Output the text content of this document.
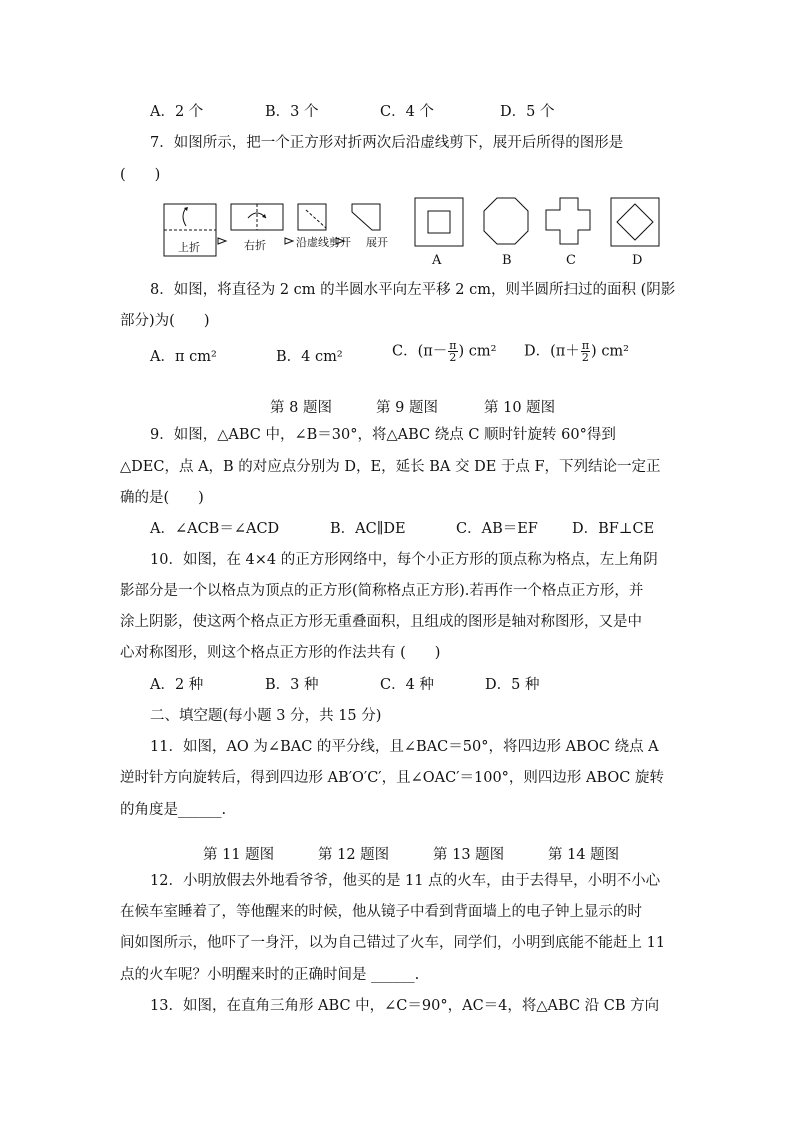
A．2 个	B．3 个	C．4 个	D．5 个
7．如图所示，把一个正方形对折两次后沿虚线剪下，展开后所得的图形是
(　　)
上折	右折	沿虚线剪开 展开
A	B	C	D
8．如图，将直径为 2 cm 的半圆水平向左平移 2 cm，则半圆所扫过的面积 (阴影
部分)为(　　)
A．π cm²	B．4 cm²	C．($\pi- \frac{\pi}{2}$ ) cm² D．($\pi+ \frac{\pi}{2}$ ) cm²
第 8 题图	第 9 题图	第 10 题图
9．如图，△ABC 中，∠B＝30°，将△ABC 绕点 C 顺时针旋转 60°得到
△DEC，点 A，B 的对应点分别为 D，E，延长 BA 交 DE 于点 F，下列结论一定正
确的是(　　)
A．∠ACB＝∠ACD	B．AC∥DE	C．AB＝EF D．BF⊥CE
10．如图，在 4×4 的正方形网络中，每个小正方形的顶点称为格点，左上角阴
影部分是一个以格点为顶点的正方形(简称格点正方形).若再作一个格点正方形，并
涂上阴影，使这两个格点正方形无重叠面积，且组成的图形是轴对称图形，又是中
心对称图形，则这个格点正方形的作法共有 (　　)
A．2 种	B．3 种	C．4 种	D．5 种
二、填空题(每小题 3 分，共 15 分)
11．如图，AO 为∠BAC 的平分线，且∠BAC＝50°，将四边形 ABOC 绕点 A
逆时针方向旋转后，得到四边形 AB′O′C′，且∠OAC′＝100°，则四边形 ABOC 旋转
的角度是______.
第 11 题图	第 12 题图	第 13 题图	第 14 题图
12．小明放假去外地看爷爷，他买的是 11 点的火车，由于去得早，小明不小心
在候车室睡着了，等他醒来的时候，他从镜子中看到背面墙上的电子钟上显示的时
间如图所示，他吓了一身汗，以为自己错过了火车，同学们，小明到底能不能赶上 11
点的火车呢？小明醒来时的正确时间是 ______.
13．如图，在直角三角形 ABC 中，∠C＝90°，AC＝4，将△ABC 沿 CB 方向
